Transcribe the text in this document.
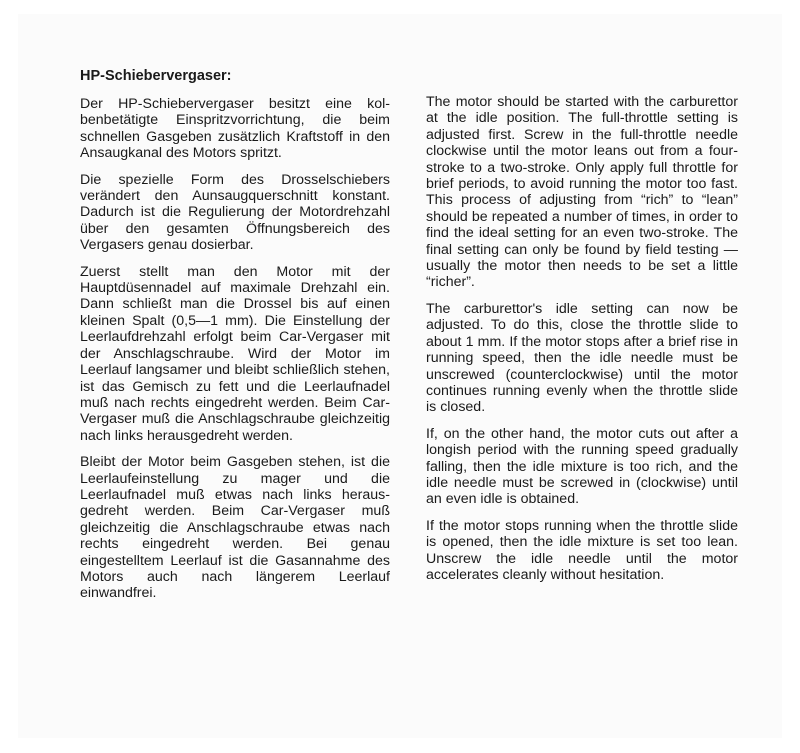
HP-Schiebervergaser:

Der HP-Schiebervergaser besitzt eine kolbenbetätigte Einspritzvorrichtung, die beim schnellen Gasgeben zusätzlich Kraftstoff in den Ansaugkanal des Motors spritzt.

Die spezielle Form des Drosselschiebers verändert den Aunsaugquerschnitt konstant. Dadurch ist die Regulierung der Motordrehzahl über den gesamten Öffnungsbereich des Vergasers genau dosierbar.

Zuerst stellt man den Motor mit der Hauptdüsennadel auf maximale Drehzahl ein. Dann schließt man die Drossel bis auf einen kleinen Spalt (0,5—1 mm). Die Einstellung der Leerlaufdrehzahl erfolgt beim Car-Vergaser mit der Anschlagschraube. Wird der Motor im Leerlauf langsamer und bleibt schließlich stehen, ist das Gemisch zu fett und die Leerlaufnadel muß nach rechts eingedreht werden. Beim Car-Vergaser muß die Anschlagschraube gleichzeitig nach links herausgedreht werden.

Bleibt der Motor beim Gasgeben stehen, ist die Leerlaufeinstellung zu mager und die Leerlaufnadel muß etwas nach links herausgedreht werden. Beim Car-Vergaser muß gleichzeitig die Anschlagschraube etwas nach rechts eingedreht werden. Bei genau eingestelltem Leerlauf ist die Gasannahme des Motors auch nach längerem Leerlauf einwandfrei.

The motor should be started with the carburettor at the idle position. The full-throttle setting is adjusted first. Screw in the full-throttle needle clockwise until the motor leans out from a four-stroke to a two-stroke. Only apply full throttle for brief periods, to avoid running the motor too fast. This process of adjusting from “rich” to “lean” should be repeated a number of times, in order to find the ideal setting for an even two-stroke. The final setting can only be found by field testing — usually the motor then needs to be set a little “richer”.

The carburettor's idle setting can now be adjusted. To do this, close the throttle slide to about 1 mm. If the motor stops after a brief rise in running speed, then the idle needle must be unscrewed (counterclockwise) until the motor continues running evenly when the throttle slide is closed.

If, on the other hand, the motor cuts out after a longish period with the running speed gradually falling, then the idle mixture is too rich, and the idle needle must be screwed in (clockwise) until an even idle is obtained.

If the motor stops running when the throttle slide is opened, then the idle mixture is set too lean. Unscrew the idle needle until the motor accelerates cleanly without hesitation.
